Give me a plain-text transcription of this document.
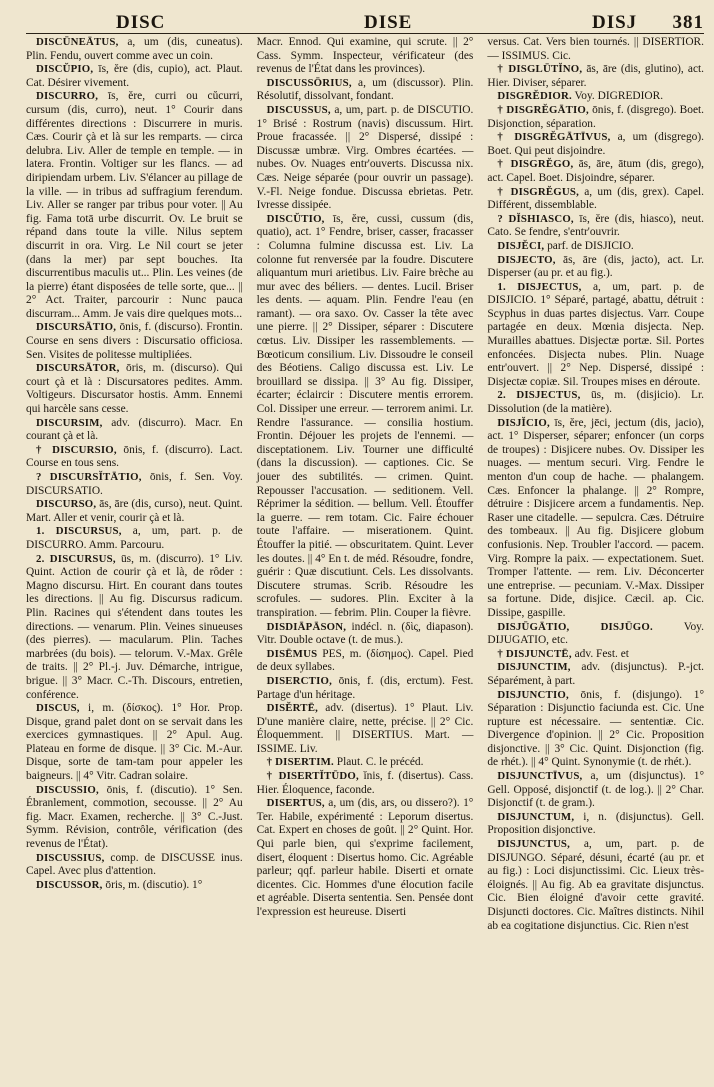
DISC	DISE	DISJ 381

DISCŪNEĀTUS, a, um (dis, cuneatus). Plin. Fendu, ouvert comme avec un coin.

DISCŬPIO, īs, ĕre (dis, cupio), act. Plaut. Cat. Désirer vivement.

DISCURRO, īs, ĕre, curri ou cŭcurri, cursum (dis, curro), neut. 1° Courir dans différentes directions : Discurrere in muris. Cæs. Courir çà et là sur les remparts. — circa delubra. Liv. Aller de temple en temple. — in latera. Frontin. Voltiger sur les flancs. — ad diripiendam urbem. Liv. S'élancer au pillage de la ville. — in tribus ad suffragium ferendum. Liv. Aller se ranger par tribus pour voter. || Au fig. Fama totā urbe discurrit. Ov. Le bruit se répand dans toute la ville. Nilus septem discurrit in ora. Virg. Le Nil court se jeter (dans la mer) par sept bouches. Ita discurrentibus maculis ut... Plin. Les veines (de la pierre) étant disposées de telle sorte, que... || 2° Act. Traiter, parcourir : Nunc pauca discurram... Amm. Je vais dire quelques mots...

DISCURSĀTIO, ōnis, f. (discurso). Frontin. Course en sens divers : Discursatio officiosa. Sen. Visites de politesse multipliées.

DISCURSĀTOR, ōris, m. (discurso). Qui court çà et là : Discursatores pedites. Amm. Voltigeurs. Discursator hostis. Amm. Ennemi qui harcèle sans cesse.

DISCURSIM, adv. (discurro). Macr. En courant çà et là.

† DISCURSIO, ōnis, f. (discurro). Lact. Course en tous sens.

? DISCURSĬTĀTIO, ōnis, f. Sen. Voy. DISCURSATIO.

DISCURSO, ās, āre (dis, curso), neut. Quint. Mart. Aller et venir, courir çà et là.

1. DISCURSUS, a, um, part. p. de DISCURRO. Amm. Parcouru.

2. DISCURSUS, ūs, m. (discurro). 1° Liv. Quint. Action de courir çà et là, de rôder : Magno discursu. Hirt. En courant dans toutes les directions. || Au fig. Discursus radicum. Plin. Racines qui s'étendent dans toutes les directions. — venarum. Plin. Veines sinueuses (des pierres). — macularum. Plin. Taches marbrées (du bois). — telorum. V.-Max. Grêle de traits. || 2° Pl.-j. Juv. Démarche, intrigue, brigue. || 3° Macr. C.-Th. Discours, entretien, conférence.

DISCUS, i, m. (δίσκος). 1° Hor. Prop. Disque, grand palet dont on se servait dans les exercices gymnastiques. || 2° Apul. Aug. Plateau en forme de disque. || 3° Cic. M.-Aur. Disque, sorte de tam-tam pour appeler les baigneurs. || 4° Vitr. Cadran solaire.

DISCUSSIO, ōnis, f. (discutio). 1° Sen. Ébranlement, commotion, secousse. || 2° Au fig. Macr. Examen, recherche. || 3° C.-Just. Symm. Révision, contrôle, vérification (des revenus de l'État).

DISCUSSIUS, comp. de DISCUSSE inus. Capel. Avec plus d'attention.

DISCUSSOR, ōris, m. (discutio). 1°

Macr. Ennod. Qui examine, qui scrute. || 2° Cass. Symm. Inspecteur, vérificateur (des revenus de l'État dans les provinces).

DISCUSSŌRIUS, a, um (discussor). Plin. Résolutif, dissolvant, fondant.

DISCUSSUS, a, um, part. p. de DISCUTIO. 1° Brisé : Rostrum (navis) discussum. Hirt. Proue fracassée. || 2° Dispersé, dissipé : Discussæ umbræ. Virg. Ombres écartées. — nubes. Ov. Nuages entr'ouverts. Discussa nix. Cæs. Neige séparée (pour ouvrir un passage). V.-Fl. Neige fondue. Discussa ebrietas. Petr. Ivresse dissipée.

DISCŬTIO, īs, ĕre, cussi, cussum (dis, quatio), act. 1° Fendre, briser, casser, fracasser : Columna fulmine discussa est. Liv. La colonne fut renversée par la foudre. Discutere aliquantum muri arietibus. Liv. Faire brèche au mur avec des béliers. — dentes. Lucil. Briser les dents. — aquam. Plin. Fendre l'eau (en ramant). — ora saxo. Ov. Casser la tête avec une pierre. || 2° Dissiper, séparer : Discutere cœtus. Liv. Dissiper les rassemblements. — Bœoticum consilium. Liv. Dissoudre le conseil des Béotiens. Caligo discussa est. Liv. Le brouillard se dissipa. || 3° Au fig. Dissiper, écarter; éclaircir : Discutere mentis errorem. Col. Dissiper une erreur. — terrorem animi. Lr. Rendre l'assurance. — consilia hostium. Frontin. Déjouer les projets de l'ennemi. — disceptationem. Liv. Tourner une difficulté (dans la discussion). — captiones. Cic. Se jouer des subtilités. — crimen. Quint. Repousser l'accusation. — seditionem. Vell. Réprimer la sédition. — bellum. Vell. Étouffer la guerre. — rem totam. Cic. Faire échouer toute l'affaire. — miserationem. Quint. Étouffer la pitié. — obscuritatem. Quint. Lever les doutes. || 4° En t. de méd. Résoudre, fondre, guérir : Quæ discutiunt. Cels. Les dissolvants. Discutere strumas. Scrib. Résoudre les scrofules. — sudores. Plin. Exciter à la transpiration. — febrim. Plin. Couper la fièvre.

DISDIĀPĀSON, indécl. n. (δὶς, diapason). Vitr. Double octave (t. de mus.).

DISĒMUS PES, m. (δίσημος). Capel. Pied de deux syllabes.

DISERCTIO, ōnis, f. (dis, erctum). Fest. Partage d'un héritage.

DISĔRTĒ, adv. (disertus). 1° Plaut. Liv. D'une manière claire, nette, précise. || 2° Cic. Éloquemment. || DISERTIUS. Mart. — ISSIME. Liv.

† DISERTIM. Plaut. C. le précéd.

† DISERTĬTŪDO, ĭnis, f. (disertus). Cass. Hier. Éloquence, faconde.

DISERTUS, a, um (dis, ars, ou dissero?). 1° Ter. Habile, expérimenté : Leporum disertus. Cat. Expert en choses de goût. || 2° Quint. Hor. Qui parle bien, qui s'exprime facilement, disert, éloquent : Disertus homo. Cic. Agréable parleur; qqf. parleur habile. Diserti et ornate dicentes. Cic. Hommes d'une élocution facile et agréable. Diserta sententia. Sen. Pensée dont l'expression est heureuse. Diserti

versus. Cat. Vers bien tournés. || DISERTIOR. — ISSIMUS. Cic.

† DISGLŪTĬNO, ās, āre (dis, glutino), act. Hier. Diviser, séparer.

DISGRĔDIOR. Voy. DIGREDIOR.

† DISGRĔGĀTIO, ōnis, f. (disgrego). Boet. Disjonction, séparation.

† DISGRĔGĀTĪVUS, a, um (disgrego). Boet. Qui peut disjoindre.

† DISGRĔGO, ās, āre, ātum (dis, grego), act. Capel. Boet. Disjoindre, séparer.

† DISGRĔGUS, a, um (dis, grex). Capel. Différent, dissemblable.

? DĬSHIASCO, īs, ĕre (dis, hiasco), neut. Cato. Se fendre, s'entr'ouvrir.

DISJĔCI, parf. de DISJICIO.

DISJECTO, ās, āre (dis, jacto), act. Lr. Disperser (au pr. et au fig.).

1. DISJECTUS, a, um, part. p. de DISJICIO. 1° Séparé, partagé, abattu, détruit : Scyphus in duas partes disjectus. Varr. Coupe partagée en deux. Mœnia disjecta. Nep. Murailles abattues. Disjectæ portæ. Sil. Portes enfoncées. Disjecta nubes. Plin. Nuage entr'ouvert. || 2° Nep. Dispersé, dissipé : Disjectæ copiæ. Sil. Troupes mises en déroute.

2. DISJECTUS, ūs, m. (disjicio). Lr. Dissolution (de la matière).

DISJĬCIO, īs, ĕre, jēci, jectum (dis, jacio), act. 1° Disperser, séparer; enfoncer (un corps de troupes) : Disjicere nubes. Ov. Dissiper les nuages. — mentum securi. Virg. Fendre le menton d'un coup de hache. — phalangem. Cæs. Enfoncer la phalange. || 2° Rompre, détruire : Disjicere arcem a fundamentis. Nep. Raser une citadelle. — sepulcra. Cæs. Détruire des tombeaux. || Au fig. Disjicere globum confusionis. Nep. Troubler l'accord. — pacem. Virg. Rompre la paix. — expectationem. Suet. Tromper l'attente. — rem. Liv. Déconcerter une entreprise. — pecuniam. V.-Max. Dissiper sa fortune. Dide, disjice. Cæcil. ap. Cic. Dissipe, gaspille.

DISJŪGĀTIO, DISJŪGO.	Voy. DIJUGATIO, etc.

† DISJUNCTĒ, adv. Fest. et

DISJUNCTIM, adv. (disjunctus). P.-jct. Séparément, à part.

DISJUNCTIO, ōnis, f. (disjungo). 1° Séparation : Disjunctio faciunda est. Cic. Une rupture est nécessaire. — sententiæ. Cic. Divergence d'opinion. || 2° Cic. Proposition disjonctive. || 3° Cic. Quint. Disjonction (fig. de rhét.). || 4° Quint. Synonymie (t. de rhét.).

DISJUNCTĪVUS, a, um (disjunctus). 1° Gell. Opposé, disjonctif (t. de log.). || 2° Char. Disjonctif (t. de gram.).

DISJUNCTUM, i, n. (disjunctus). Gell. Proposition disjonctive.

DISJUNCTUS, a, um, part. p. de DISJUNGO. Séparé, désuni, écarté (au pr. et au fig.) : Loci disjunctissimi. Cic. Lieux très-éloignés. || Au fig. Ab ea gravitate disjunctus. Cic. Bien éloigné d'avoir cette gravité. Disjuncti doctores. Cic. Maîtres distincts. Nihil ab ea cogitatione disjunctius. Cic. Rien n'est
